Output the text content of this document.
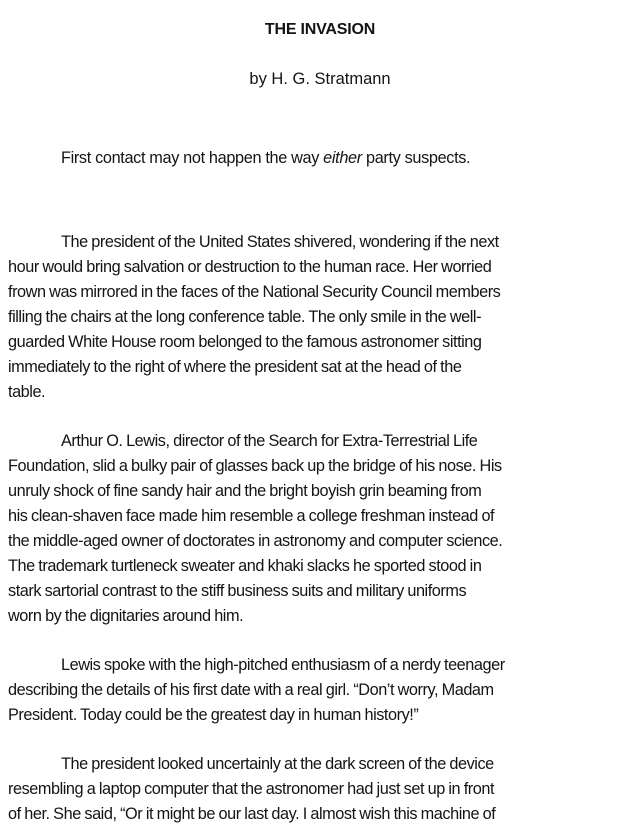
THE INVASION

by H. G. Stratmann

First contact may not happen the way either party suspects.

The president of the United States shivered, wondering if the next
hour would bring salvation or destruction to the human race. Her worried
frown was mirrored in the faces of the National Security Council members
filling the chairs at the long conference table. The only smile in the well-
guarded White House room belonged to the famous astronomer sitting
immediately to the right of where the president sat at the head of the
table.
Arthur O. Lewis, director of the Search for Extra-Terrestrial Life
Foundation, slid a bulky pair of glasses back up the bridge of his nose. His
unruly shock of fine sandy hair and the bright boyish grin beaming from
his clean-shaven face made him resemble a college freshman instead of
the middle-aged owner of doctorates in astronomy and computer science.
The trademark turtleneck sweater and khaki slacks he sported stood in
stark sartorial contrast to the stiff business suits and military uniforms
worn by the dignitaries around him.
Lewis spoke with the high-pitched enthusiasm of a nerdy teenager
describing the details of his first date with a real girl. “Don’t worry, Madam
President. Today could be the greatest day in human history!”
The president looked uncertainly at the dark screen of the device
resembling a laptop computer that the astronomer had just set up in front
of her. She said, “Or it might be our last day. I almost wish this machine of
